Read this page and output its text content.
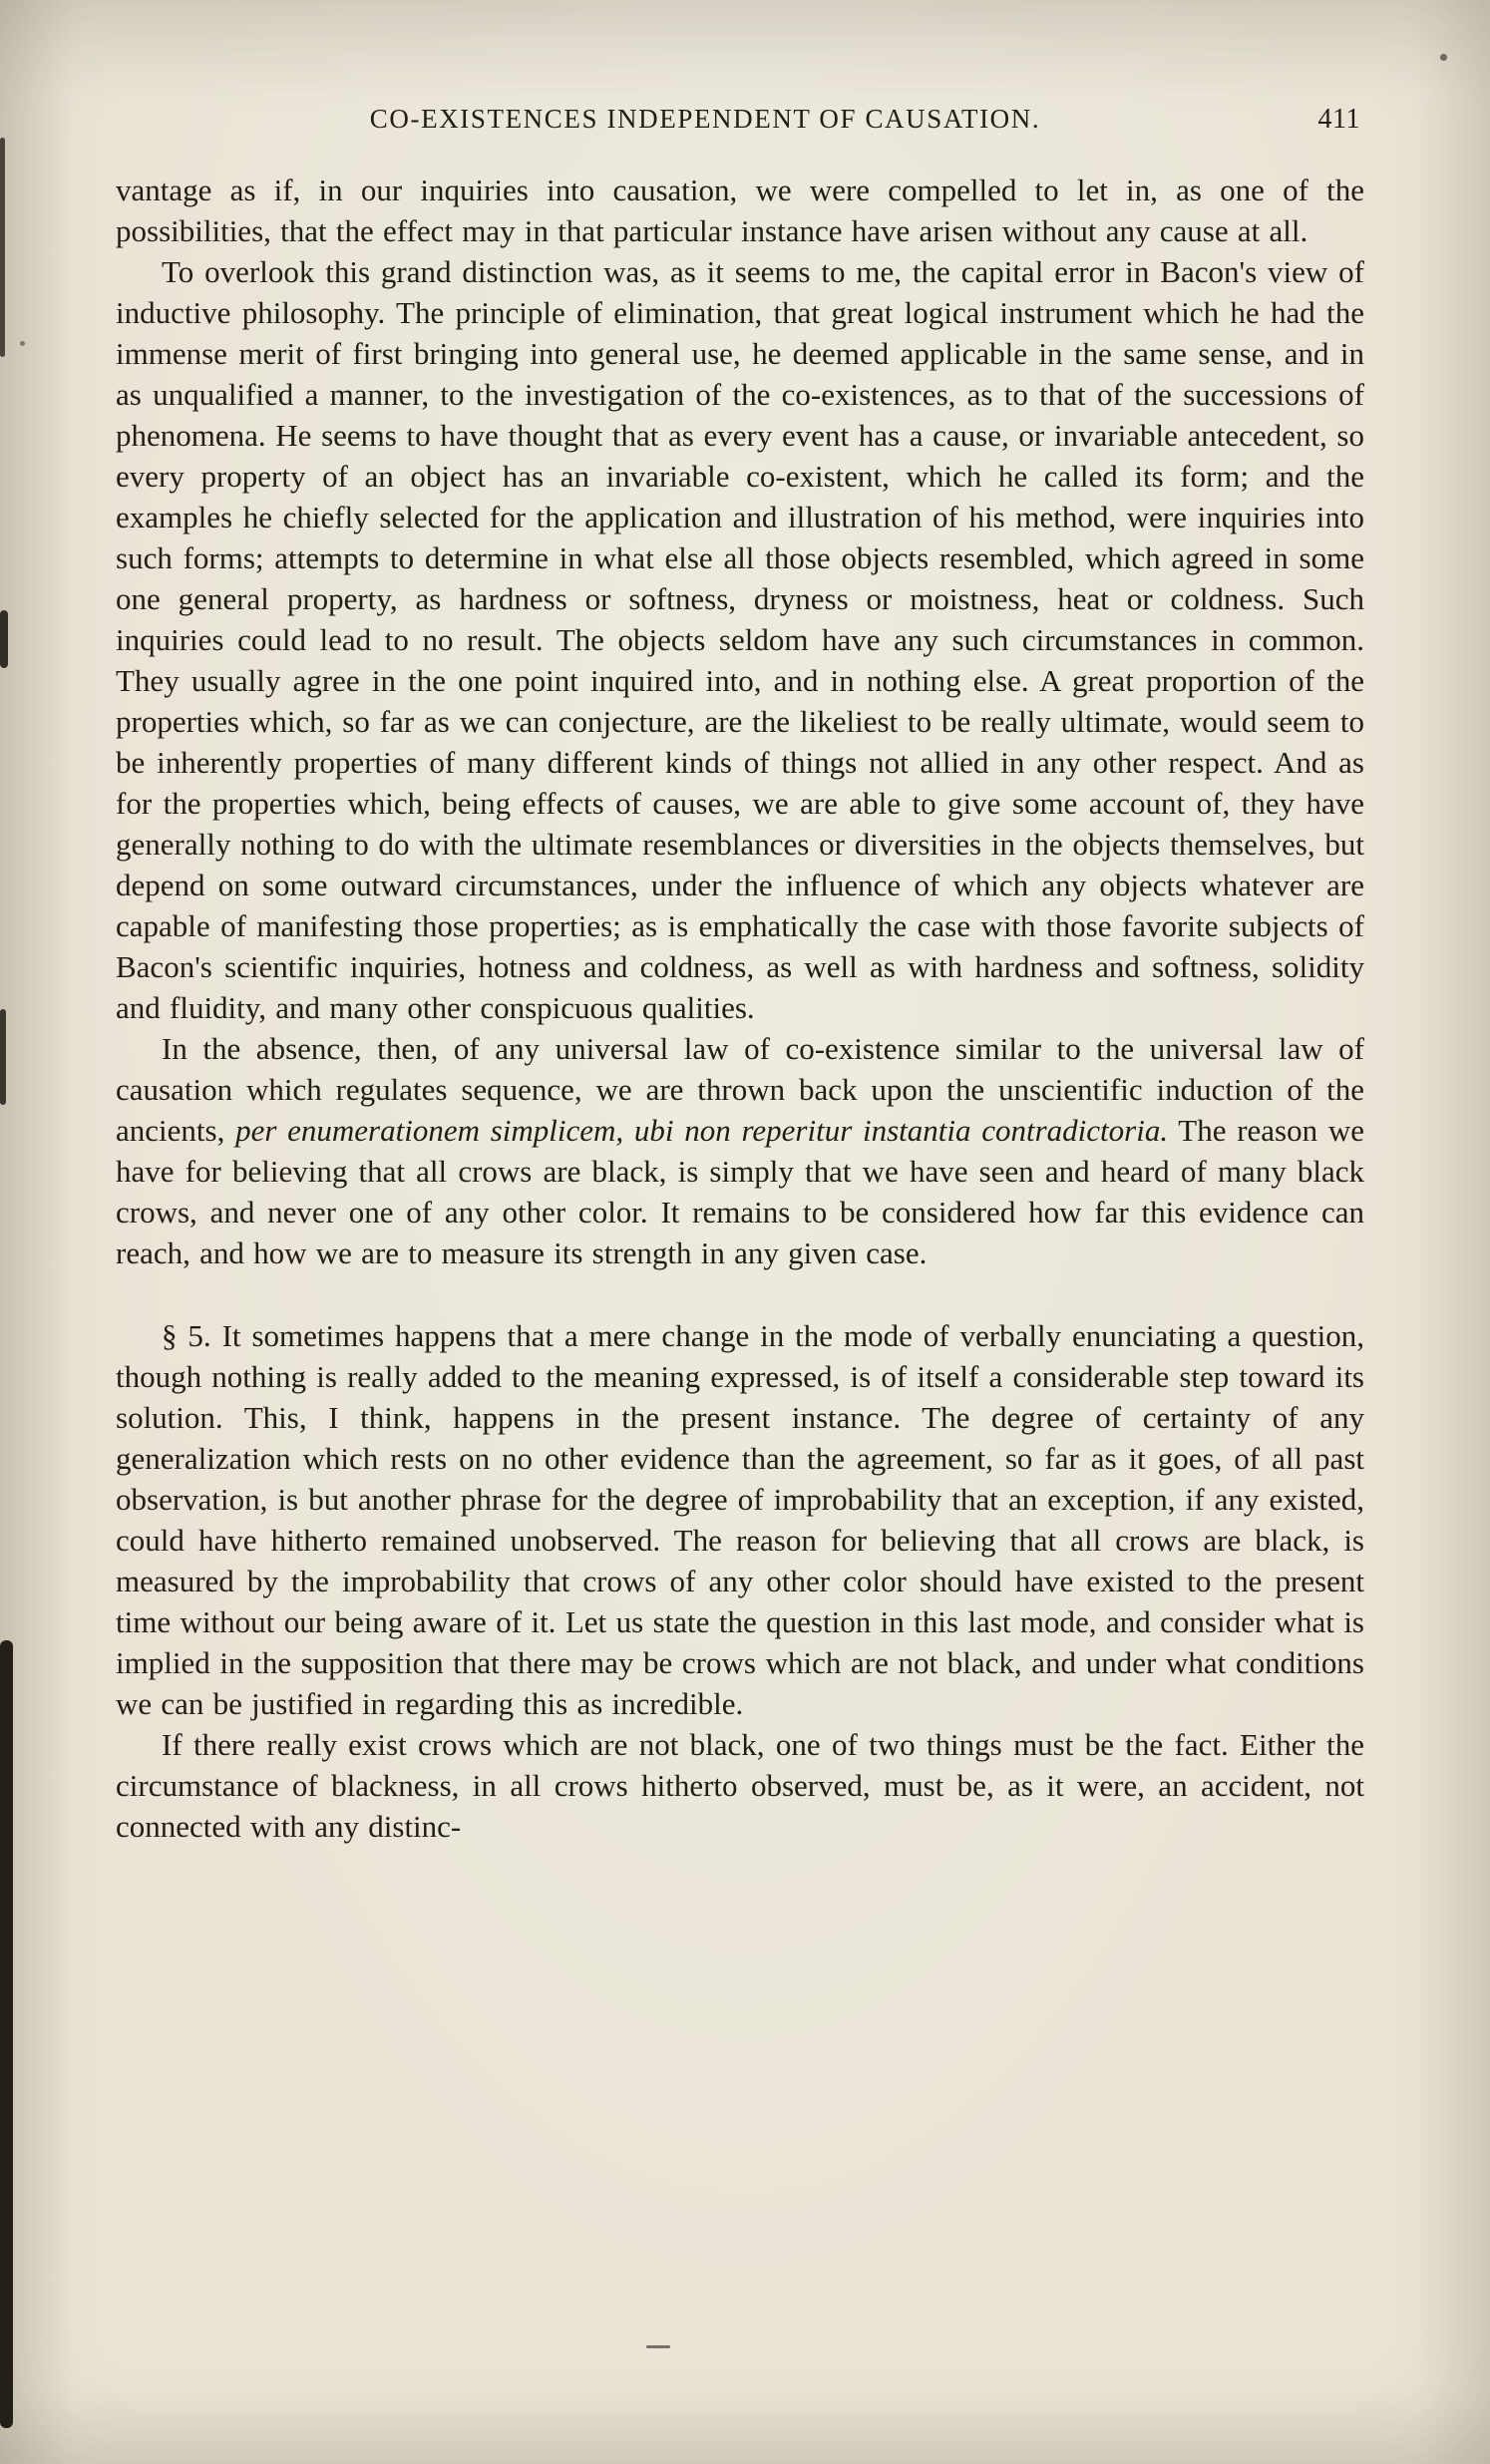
CO-EXISTENCES INDEPENDENT OF CAUSATION.	411

vantage as if, in our inquiries into causation, we were compelled to let in, as one of the possibilities, that the effect may in that particular instance have arisen without any cause at all.

To overlook this grand distinction was, as it seems to me, the capital error in Bacon's view of inductive philosophy. The principle of elimination, that great logical instrument which he had the immense merit of first bringing into general use, he deemed applicable in the same sense, and in as unqualified a manner, to the investigation of the co-existences, as to that of the successions of phenomena. He seems to have thought that as every event has a cause, or invariable antecedent, so every property of an object has an invariable co-existent, which he called its form; and the examples he chiefly selected for the application and illustration of his method, were inquiries into such forms; attempts to determine in what else all those objects resembled, which agreed in some one general property, as hardness or softness, dryness or moistness, heat or coldness. Such inquiries could lead to no result. The objects seldom have any such circumstances in common. They usually agree in the one point inquired into, and in nothing else. A great proportion of the properties which, so far as we can conjecture, are the likeliest to be really ultimate, would seem to be inherently properties of many different kinds of things not allied in any other respect. And as for the properties which, being effects of causes, we are able to give some account of, they have generally nothing to do with the ultimate resemblances or diversities in the objects themselves, but depend on some outward circumstances, under the influence of which any objects whatever are capable of manifesting those properties; as is emphatically the case with those favorite subjects of Bacon's scientific inquiries, hotness and coldness, as well as with hardness and softness, solidity and fluidity, and many other conspicuous qualities.

In the absence, then, of any universal law of co-existence similar to the universal law of causation which regulates sequence, we are thrown back upon the unscientific induction of the ancients, per enumerationem simplicem, ubi non reperitur instantia contradictoria. The reason we have for believing that all crows are black, is simply that we have seen and heard of many black crows, and never one of any other color. It remains to be considered how far this evidence can reach, and how we are to measure its strength in any given case.

§ 5. It sometimes happens that a mere change in the mode of verbally enunciating a question, though nothing is really added to the meaning expressed, is of itself a considerable step toward its solution. This, I think, happens in the present instance. The degree of certainty of any generalization which rests on no other evidence than the agreement, so far as it goes, of all past observation, is but another phrase for the degree of improbability that an exception, if any existed, could have hitherto remained unobserved. The reason for believing that all crows are black, is measured by the improbability that crows of any other color should have existed to the present time without our being aware of it. Let us state the question in this last mode, and consider what is implied in the supposition that there may be crows which are not black, and under what conditions we can be justified in regarding this as incredible.

If there really exist crows which are not black, one of two things must be the fact. Either the circumstance of blackness, in all crows hitherto observed, must be, as it were, an accident, not connected with any distinc-
